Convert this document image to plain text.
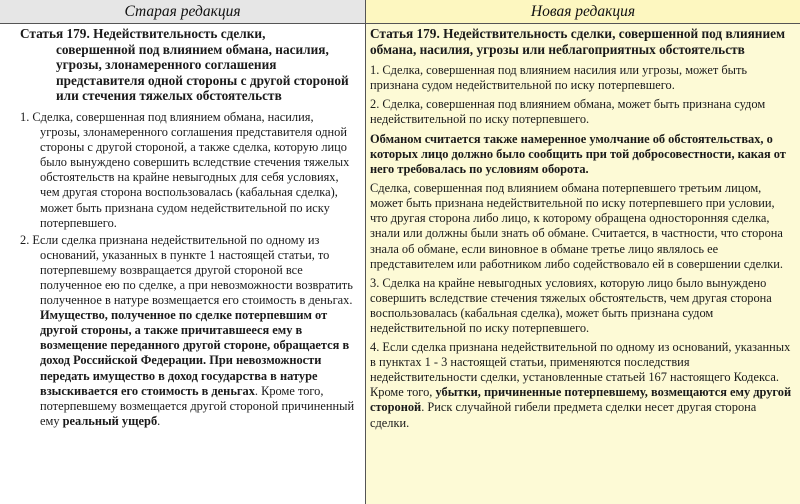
Старая редакция	Новая редакция
Статья 179. Недействительность сделки,
совершенной под влиянием обмана, насилия, угрозы, злонамеренного соглашения представителя одной стороны с другой стороной или стечения тяжелых обстоятельств

1. Сделка, совершенная под влиянием обмана, насилия,
угрозы, злонамеренного соглашения представителя одной стороны с другой стороной, а также сделка, которую лицо было вынуждено совершить вследствие стечения тяжелых обстоятельств на крайне невыгодных для себя условиях, чем другая сторона воспользовалась (кабальная сделка), может быть признана судом недействительной по иску потерпевшего.

2. Если сделка признана недействительной по одному из
оснований, указанных в пункте 1 настоящей статьи, то потерпевшему возвращается другой стороной все полученное ею по сделке, а при невозможности возвратить полученное в натуре возмещается его стоимость в деньгах. Имущество, полученное по сделке потерпевшим от другой стороны, а также причитавшееся ему в возмещение переданного другой стороне, обращается в доход Российской Федерации. При невозможности передать имущество в доход государства в натуре взыскивается его стоимость в деньгах. Кроме того, потерпевшему возмещается другой стороной причиненный ему реальный ущерб.

Статья 179. Недействительность сделки, совершенной под влиянием обмана, насилия, угрозы или неблагоприятных обстоятельств

1. Сделка, совершенная под влиянием насилия или угрозы, может быть признана судом недействительной по иску потерпевшего.

2. Сделка, совершенная под влиянием обмана, может быть признана судом недействительной по иску потерпевшего.

Обманом считается также намеренное умолчание об обстоятельствах, о которых лицо должно было сообщить при той добросовестности, какая от него требовалась по условиям оборота.

Сделка, совершенная под влиянием обмана потерпевшего третьим лицом, может быть признана недействительной по иску потерпевшего при условии, что другая сторона либо лицо, к которому обращена односторонняя сделка, знали или должны были знать об обмане. Считается, в частности, что сторона знала об обмане, если виновное в обмане третье лицо являлось ее представителем или работником либо содействовало ей в совершении сделки.

3. Сделка на крайне невыгодных условиях, которую лицо было вынуждено совершить вследствие стечения тяжелых обстоятельств, чем другая сторона воспользовалась (кабальная сделка), может быть признана судом недействительной по иску потерпевшего.

4. Если сделка признана недействительной по одному из оснований, указанных в пунктах 1 - 3 настоящей статьи, применяются последствия недействительности сделки, установленные статьей 167 настоящего Кодекса. Кроме того, убытки, причиненные потерпевшему, возмещаются ему другой стороной. Риск случайной гибели предмета сделки несет другая сторона сделки.
